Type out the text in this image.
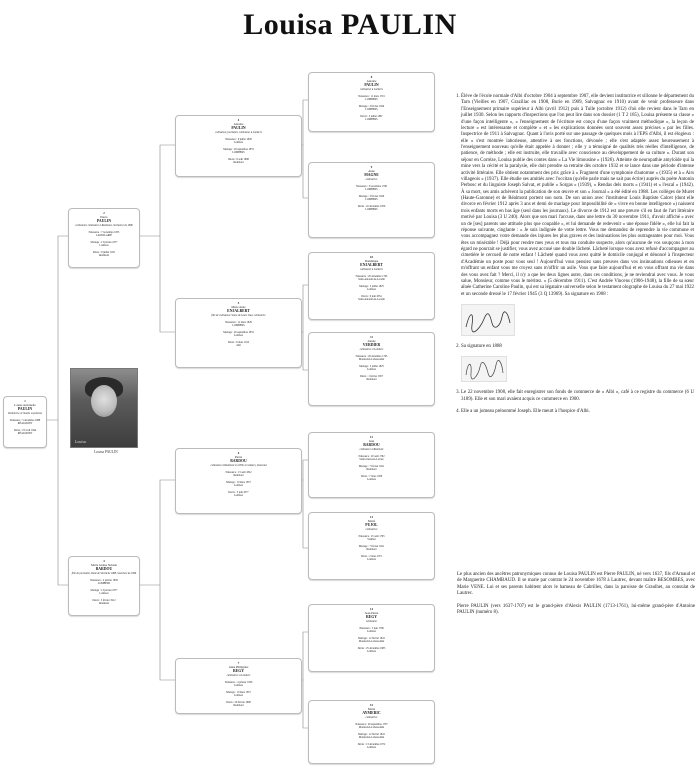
Louisa PAULIN
1
Louise Antoinette
PAULIN
Institutrice, écrivaine et poétesse
Naissance : 5 décembre 1888
RÉALMONT
Décès : 23 avril 1944
RÉALMONT
2
Pierre
PAULIN
cordonnier, cultivateur à Réalmont, clocheteur de 1886
Naissance : 7 novembre 1855
LAMILLARIÉ
Mariage : 13 janvier 1877
Lombers
Décès : 8 juillet 1931
Réalmont
3
Marie Jeanne Sidonie
BARDOU
fille de journalier, Tante de Sicard de 1888, Sourcière de 1896
Naissance : 4 janvier 1858
LOMBERS
Mariage : 13 janvier 1877
Lombers
Décès : 5 février 1912
Réalmont
4
Antoine
PAULIN
cultivateur, journalier, cultivateur à Lombers
Naissance : 9 juillet 1828
Lombers
Mariage : 29 septembre 1853
LOMBERS
Décès : 8 août 1898
Réalmont
5
Marie Anne
ENJALBERT
fille de cultivateur, Veuve de Louis Jean, cultivatrice
Naissance : 12 mars 1829
LOMBERS
Mariage : 29 septembre 1853
Lombers
Décès : 6 mars 1913
Albi
6
Pierre
BARDOU
cultivateur à Réalmont en 1858, à Lombers, tisserand
Naissance : 13 août 1822
Réalmont
Mariage : 10 mars 1857
Lombers
Décès : 3 juin 1877
Lombers
7
Anne Philippine
REGY
cultivatrice à Lombers
Naissance : 4 janvier 1836
Lombers
Mariage : 10 mars 1857
Lombers
Décès : 26 février 1898
Réalmont
8
Antoine
PAULIN
cultivateur à Lombers
Naissance : 11 mars 1791
LOMBERS
Mariage : 3 février 1820
LOMBERS
Décès : 3 juillet 1867
LOMBERS
9
Anne
MAGNE
cultivatrice
Naissance : 3 novembre 1798
LOMBERS
Mariage : 3 février 1820
LOMBERS
Décès : 22 décembre 1856
LOMBERS
10
Dominique
ENJALBERT
cultivateur à Lombers
Naissance : 20 décembre 1793
Saint-Antonin-de-Lacalm
Mariage : 5 juillet 1825
Lombers
Décès : 6 juin 1854
Saint-Antonin-de-Lacalm
11
Jeanne
VERDIER
cultivatrice à Lombers
Naissance : 26 décembre 1795
Montredon-Labessonnié
Mariage : 5 juillet 1825
Lombers
Décès : 1 février 1857
Réalmont
12
Jean
BARDOU
cultivateur à Réalmont
Naissance : 20 août 1792
Saint-Lieux-lès-Lavaur
Mariage : 7 février 1821
Réalmont
Décès : 7 mars 1858
Lombers
13
Marie
PUJOL
cultivatrice
Naissance : 25 août 1795
Vielmur
Mariage : 7 février 1821
Réalmont
Décès : 2 mars 1871
Lombers
14
Jean-Pierre
REGY
cultivateur
Naissance : 5 juin 1796
Lombers
Mariage : 12 février 1822
Montredon-Labessonnié
Décès : 25 décembre 1885
Lombers
15
Marie
AYMERIC
cultivatrice
Naissance : 26 septembre 1797
Montredon-Labessonnié
Mariage : 12 février 1822
Montredon-Labessonnié
Décès : 13 décembre 1872
Lombers
Louisa
Louisa PAULIN

1. Élève de l'école normale d'Albi d'octobre 1904 à septembre 1907, elle devient institutrice et sillonne le département du Tarn (Vieilles en 1907, Grazillac en 1908, Burie en 1909, Salvagnac en 1910) avant de venir professeure dans l'Enseignement primaire supérieur à Albi (avril 1912) puis à Tulle (octobre 1912) d'où elle revient dans le Tarn en juillet 1930. Selon les rapports d'inspections que l'on peut lire dans son dossier (1 T 2 185), Louisa présente sa classe « d'une façon intelligente », « l'enseignement de l'écriture est conçu d'une façon vraiment méthodique », la leçon de lecture « est intéressante et complète » et « les explications données sont souvent assez précises » par les filles. Inspectrice de 1911 à Salvagnac. Quant à l'avis porté sur une passage de quelques mois à l'EPS d'Albi, il est élogieux : elle « s'est montrée laborieuse, attentive à ses fonctions, dévouée ; elle s'est adaptée assez heureusement à l'enseignement nouveau qu'elle était appelée à donner ; elle y a témoigné de qualités très réelles d'intelligence, de patience, de méthode ; elle est instruite, elle travaille avec conscience au développement de sa culture ». Durant son séjour en Corrèze, Louisa publie des contes dans « La Vie limousine » (1926). Atteinte de neuropathie amyloïde qui la mine vers la cécité et la paralysie, elle doit prendre sa retraite dès octobre 1932 et se lance dans une période d'intense activité littéraire. Elle obtient notamment des prix grâce à « Fragment d'une symphonie d'automne » (1935) et à « Airs villageois » (1937). Elle étudie ses amitiés avec l'occitan (qu'elle parle mais ne sait pas écrire) auprès du poète Antonin Perbosc et du linguiste Joseph Salvat, et publie « Sorgas » (1939), « Rendas dels morts » (1941) et « l'escal » (1942). À sa mort, ses amis achèvent la publication de son œuvre et son « Journal » a été édité en 1988. Les collèges de Muret (Haute-Garonne) et de Réalmont portent son nom. De son union avec l'instituteur Louis Baptiste Calcet (dont elle divorce en février 1912 après 3 ans et demi de mariage pour impossibilité de « vivre en bonne intelligence ») naissent trois enfants morts en bas âge (seul dans les journaux). Le divorce de 1912 est une preuve s'il en faut de l'art littéraire motivé par Louisa (3 U 240). Alors que son mari l'accuse, dans une lettre du 30 novembre 1911, d'avoir affiché « avec un de [ses] parents une attitude plus que coupable », et lui demande de redevenir « une épouse fidèle », elle lui fait la réponse suivante, cinglante : « Je suis indignée de votre lettre. Vous me demandez de reprendre la vie commune et vous accompagnez votre demande des injures les plus graves et des insinuations les plus outrageantes pour moi. Vous êtes un misérable ! Déjà pour rendre mes yeux et tous ma conduite suspecte, alors qu'aucune de vos soupçons à mon égard ne pourrait se justifier, vous avez accusé une double lâcheté. Lâcheté lorsque vous avez refusé d'accompagner au cimetière le cercueil de notre enfant ! Lâcheté quand vous avez quitté le domicile conjugal et dénoncé à l'inspecteur d'Académie un poste pour vous seul ! Aujourd'hui vous pensiez sans preuves dans vos insinuations odieuses et en m'offrant un enfant vous me croyez sans m'offrir un asile. Vous que faire aujourd'hui et en vous offrant ma vie dans des vous avez fait ? Merci, il n'y a que les deux lignes autre, dans ces conditions, je ne reviendrai avec vous. Je vous salue, Monsieur, comme vous le méritez. » (5 décembre 1911). C'est Andrée Vincens (1906-1948), la fille de sa sœur aînée Catherine Caroline Paulin, qui est sa légataire universelle selon le testament olographe de Louisa du 27 mai 1922 et un seconde dressé le 17 février 1945 (3 Q 13969). Sa signature en 1908 :

2. Sa signature en 1888

3. Le 22 novembre 1908, elle fait enregistrer son fonds de commerce de « Albi », café à ce registre du commerce (6 U 3189). Elle et son mari avaient acquis ce commerce en 1900.

4. Elle a un jumeau prénommé Joseph. Elle meurt à l'hospice d'Albi.

Le plus ancien des ancêtres patronymiques connus de Louisa PAULIN est Pierre PAULIN, né vers 1637, fils d'Arnaud et de Marguerite CHAMBAUD. Il se marie par contrat le 24 novembre 1678 à Lautrec, devant maître BESOMBES, avec Marie VENE. Lui et ses parents habitent alors le hameau de Cabrilles, dans la paroisse de Graulhet, au consulat de Lautrec.

Pierre PAULIN (vers 1637-1707) est le grand-père d'Alexis PAULIN (1713-1761), lui-même grand-père d'Antoine PAULIN (numéro 8).
